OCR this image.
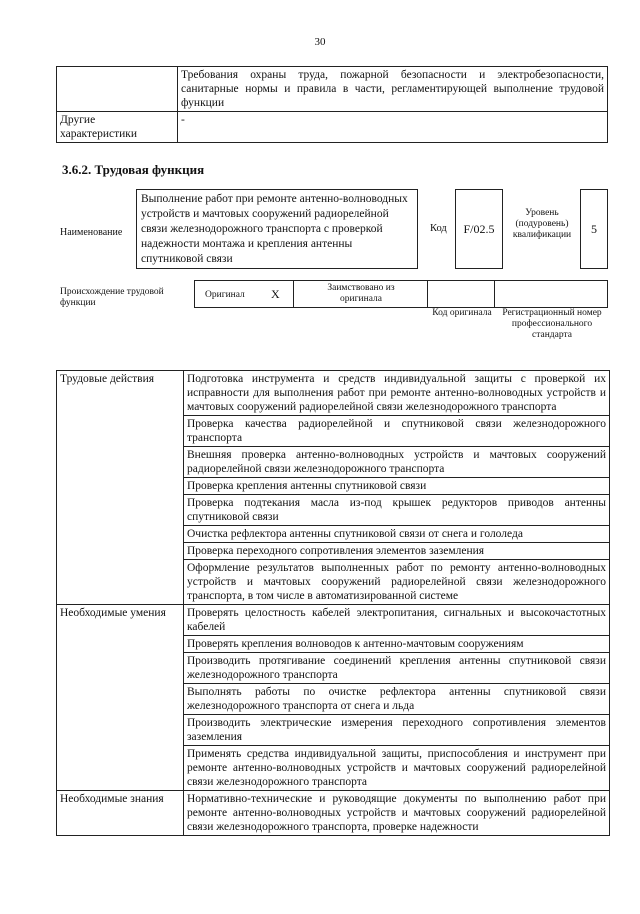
30
	Требования охраны труда, пожарной безопасности и электробезопасности, санитарные нормы и правила в части, регламентирующей выполнение трудовой функции
Другие характеристики	-
3.6.2. Трудовая функция
Наименование
Выполнение работ при ремонте антенно-волноводных устройств и мачтовых сооружений радиорелейной связи железнодорожного транспорта с проверкой надежности монтажа и крепления антенны спутниковой связи
Код	F/02.5
Уровень (подуровень) квалификации	5
Происхождение трудовой функции
Оригинал X	Заимствовано из оригинала
Код оригинала	Регистрационный номер профессионального стандарта
Трудовые действия	Подготовка инструмента и средств индивидуальной защиты с проверкой их исправности для выполнения работ при ремонте антенно-волноводных устройств и мачтовых сооружений радиорелейной связи железнодорожного транспорта
	Проверка качества радиорелейной и спутниковой связи железнодорожного транспорта
	Внешняя проверка антенно-волноводных устройств и мачтовых сооружений радиорелейной связи железнодорожного транспорта
	Проверка крепления антенны спутниковой связи
	Проверка подтекания масла из-под крышек редукторов приводов антенны спутниковой связи
	Очистка рефлектора антенны спутниковой связи от снега и гололеда
	Проверка переходного сопротивления элементов заземления
	Оформление результатов выполненных работ по ремонту антенно-волноводных устройств и мачтовых сооружений радиорелейной связи железнодорожного транспорта, в том числе в автоматизированной системе
Необходимые умения	Проверять целостность кабелей электропитания, сигнальных и высокочастотных кабелей
	Проверять крепления волноводов к антенно-мачтовым сооружениям
	Производить протягивание соединений крепления антенны спутниковой связи железнодорожного транспорта
	Выполнять работы по очистке рефлектора антенны спутниковой связи железнодорожного транспорта от снега и льда
	Производить электрические измерения переходного сопротивления элементов заземления
	Применять средства индивидуальной защиты, приспособления и инструмент при ремонте антенно-волноводных устройств и мачтовых сооружений радиорелейной связи железнодорожного транспорта
Необходимые знания	Нормативно-технические и руководящие документы по выполнению работ при ремонте антенно-волноводных устройств и мачтовых сооружений радиорелейной связи железнодорожного транспорта, проверке надежности
